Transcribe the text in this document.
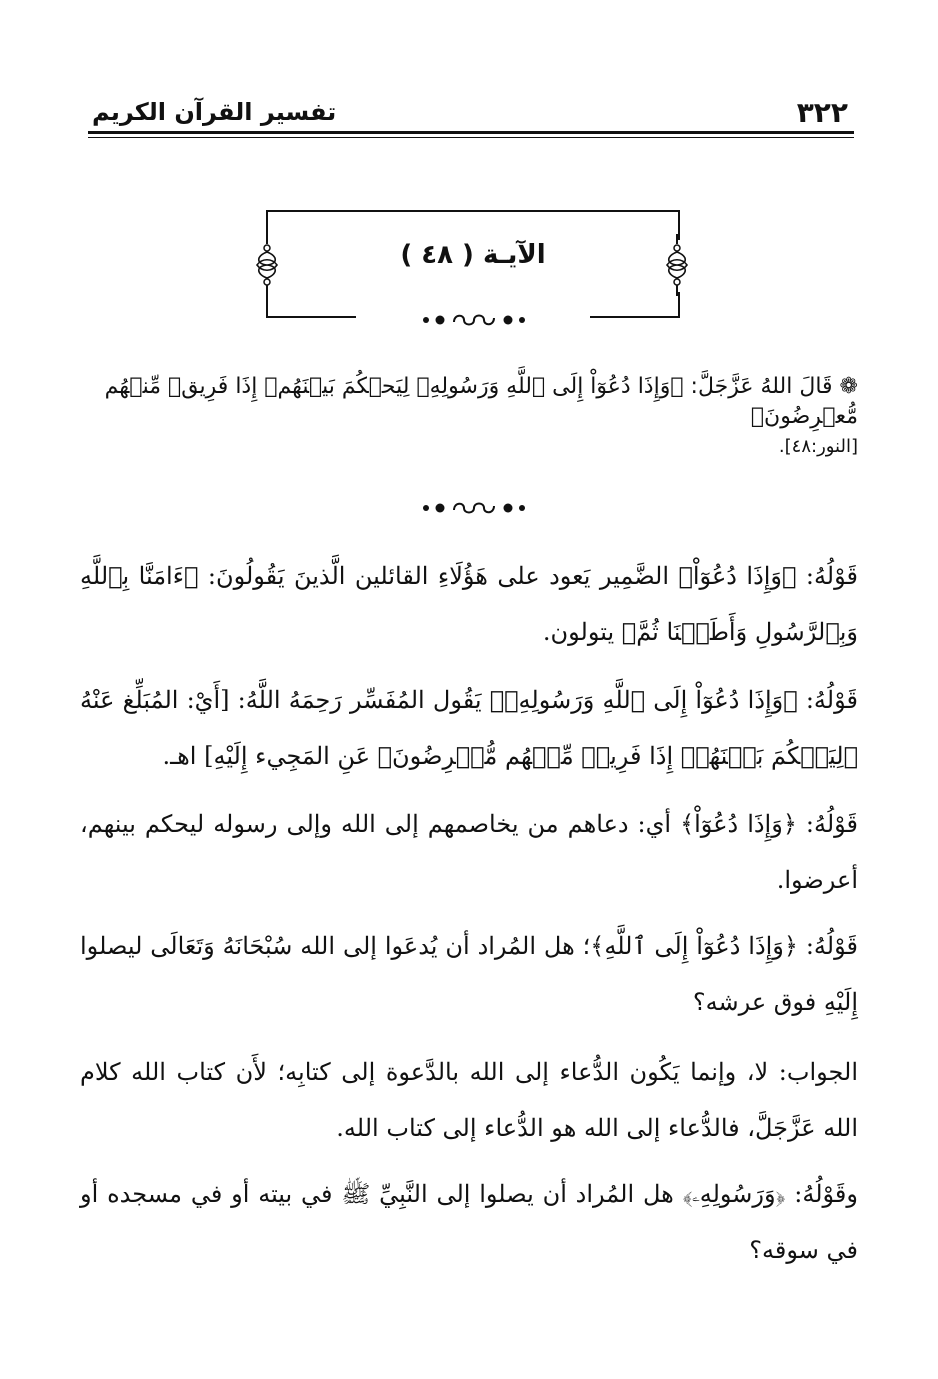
٣٢٢
تفسير القرآن الكريم
الآيـة ( ٤٨ )
❁ قَالَ اللهُ عَزَّجَلَّ: ﴿وَإِذَا دُعُوٓاْ إِلَى ٱللَّهِ وَرَسُولِهِۦ لِيَحۡكُمَ بَيۡنَهُمۡ إِذَا فَرِيقٞ مِّنۡهُم مُّعۡرِضُونَ﴾
[النور:٤٨].

قَوْلُهُ: ﴿وَإِذَا دُعُوٓاْ﴾ الضَّمِير يَعود على هَؤُلَاءِ القائلين الَّذينَ يَقُولُونَ: ﴿ءَامَنَّا بِٱللَّهِ وَبِٱلرَّسُولِ وَأَطَعۡنَا ثُمَّ﴾ يتولون.

قَوْلُهُ: ﴿وَإِذَا دُعُوٓاْ إِلَى ٱللَّهِ وَرَسُولِهِۦ﴾ يَقُول المُفَسِّر رَحِمَهُ اللَّهُ: [أَيْ: المُبَلِّغ عَنْهُ ﴿لِيَحۡكُمَ بَيۡنَهُمۡ إِذَا فَرِيقٞ مِّنۡهُم مُّعۡرِضُونَ﴾ عَنِ المَجِيء إِلَيْهِ] اهـ.

قَوْلُهُ: ﴿وَإِذَا دُعُوٓاْ﴾ أي: دعاهم من يخاصمهم إلى الله وإلى رسوله ليحكم بينهم، أعرضوا.

قَوْلُهُ: ﴿وَإِذَا دُعُوٓاْ إِلَى ٱللَّهِ﴾؛ هل المُراد أن يُدعَوا إلى الله سُبْحَانَهُ وَتَعَالَى ليصلوا إِلَيْهِ فوق عرشه؟

الجواب: لا، وإنما يَكُون الدُّعاء إلى الله بالدَّعوة إلى كتابِه؛ لأَن كتاب الله كلام الله عَزَّجَلَّ، فالدُّعاء إلى الله هو الدُّعاء إلى كتاب الله.

وقَوْلُهُ: ﴿وَرَسُولِهِۦ﴾ هل المُراد أن يصلوا إلى النَّبِيِّ ﷺ في بيته أو في مسجده أو في سوقه؟
